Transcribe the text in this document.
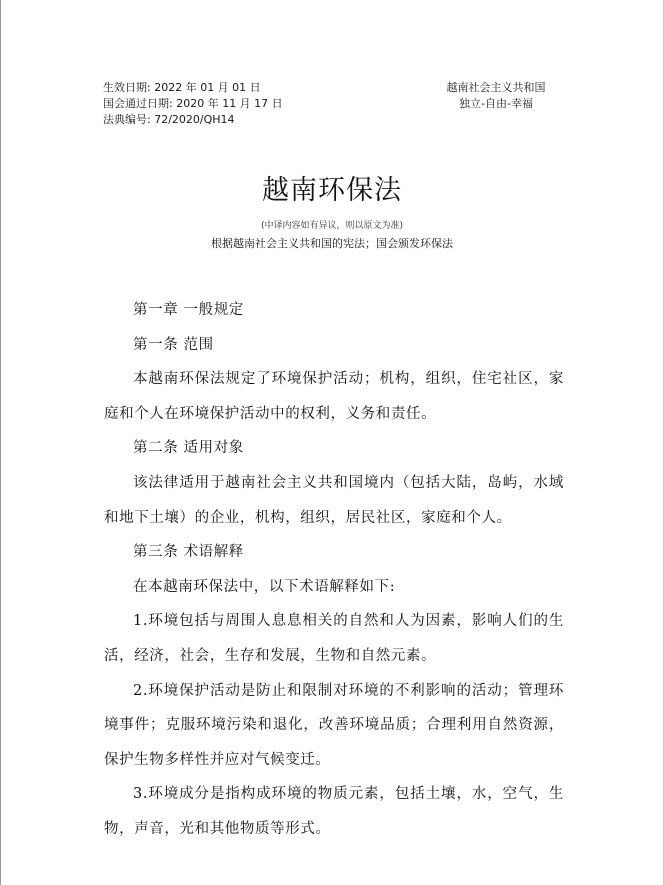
生效日期: 2022 年 01 月 01 日
国会通过日期: 2020 年 11 月 17 日
法典编号: 72/2020/QH14
越南社会主义共和国
独立-自由-幸福
越南环保法
(中译内容如有异议，则以原文为准)
根据越南社会主义共和国的宪法；国会颁发环保法

第一章 一般规定

第一条 范围

本越南环保法规定了环境保护活动；机构，组织，住宅社区，家庭和个人在环境保护活动中的权利，义务和责任。

第二条 适用对象

该法律适用于越南社会主义共和国境内（包括大陆，岛屿，水域和地下土壤）的企业，机构，组织，居民社区，家庭和个人。

第三条 术语解释

在本越南环保法中，以下术语解释如下:

1.环境包括与周围人息息相关的自然和人为因素，影响人们的生活，经济，社会，生存和发展，生物和自然元素。

2.环境保护活动是防止和限制对环境的不利影响的活动；管理环境事件；克服环境污染和退化，改善环境品质；合理利用自然资源，保护生物多样性并应对气候变迁。

3.环境成分是指构成环境的物质元素，包括土壤，水，空气，生物，声音，光和其他物质等形式。
